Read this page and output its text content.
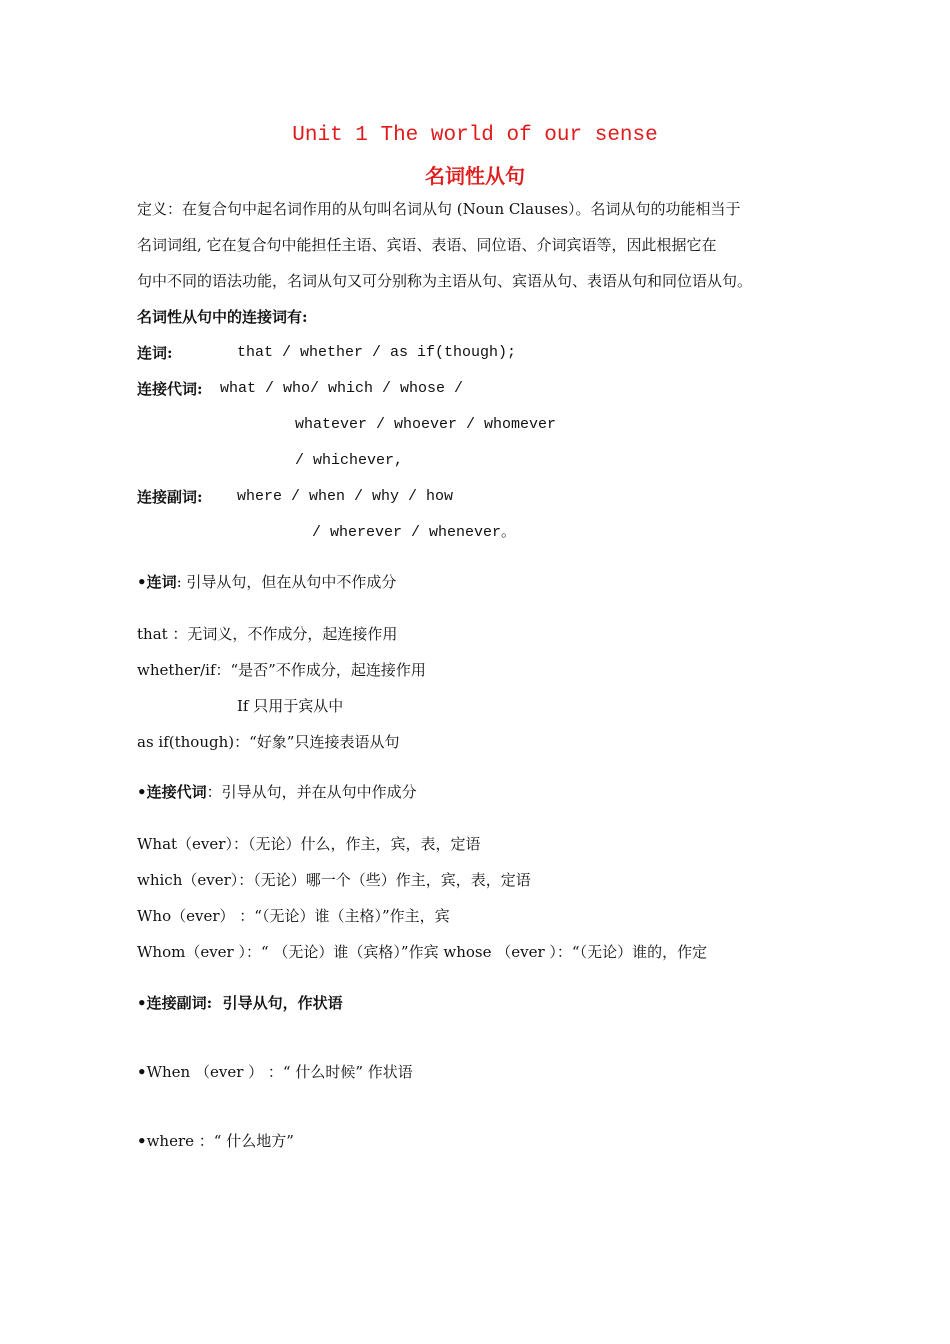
Unit 1 The world of our sense
名词性从句
定义：在复合句中起名词作用的从句叫名词从句 (Noun Clauses）。名词从句的功能相当于
名词词组, 它在复合句中能担任主语、宾语、表语、同位语、介词宾语等，因此根据它在
句中不同的语法功能，名词从句又可分别称为主语从句、宾语从句、表语从句和同位语从句。
名词性从句中的连接词有:
连词:	that / whether / as if(though);
连接代词: what / who/ which / whose /
whatever / whoever / whomever
/ whichever,
连接副词: where / when / why / how
/ wherever / whenever。
•连词: 引导从句，但在从句中不作成分
that ：无词义，不作成分，起连接作用
whether/if：“是否”不作成分，起连接作用
If 只用于宾从中
as if(though)：“好象”只连接表语从句
•连接代词：引导从句，并在从句中作成分
What（ever）：（无论）什么，作主，宾，表，定语
which（ever）：（无论）哪一个（些）作主，宾，表，定语
Who（ever） ：“（无论）谁（主格）”作主，宾
Whom（ever ）：“ （无论）谁（宾格）”作宾 whose （ever ）：“（无论）谁的，作定
•连接副词: 引导从句，作状语
•When （ever ） ：“ 什么时候” 作状语
•where ：“ 什么地方”
